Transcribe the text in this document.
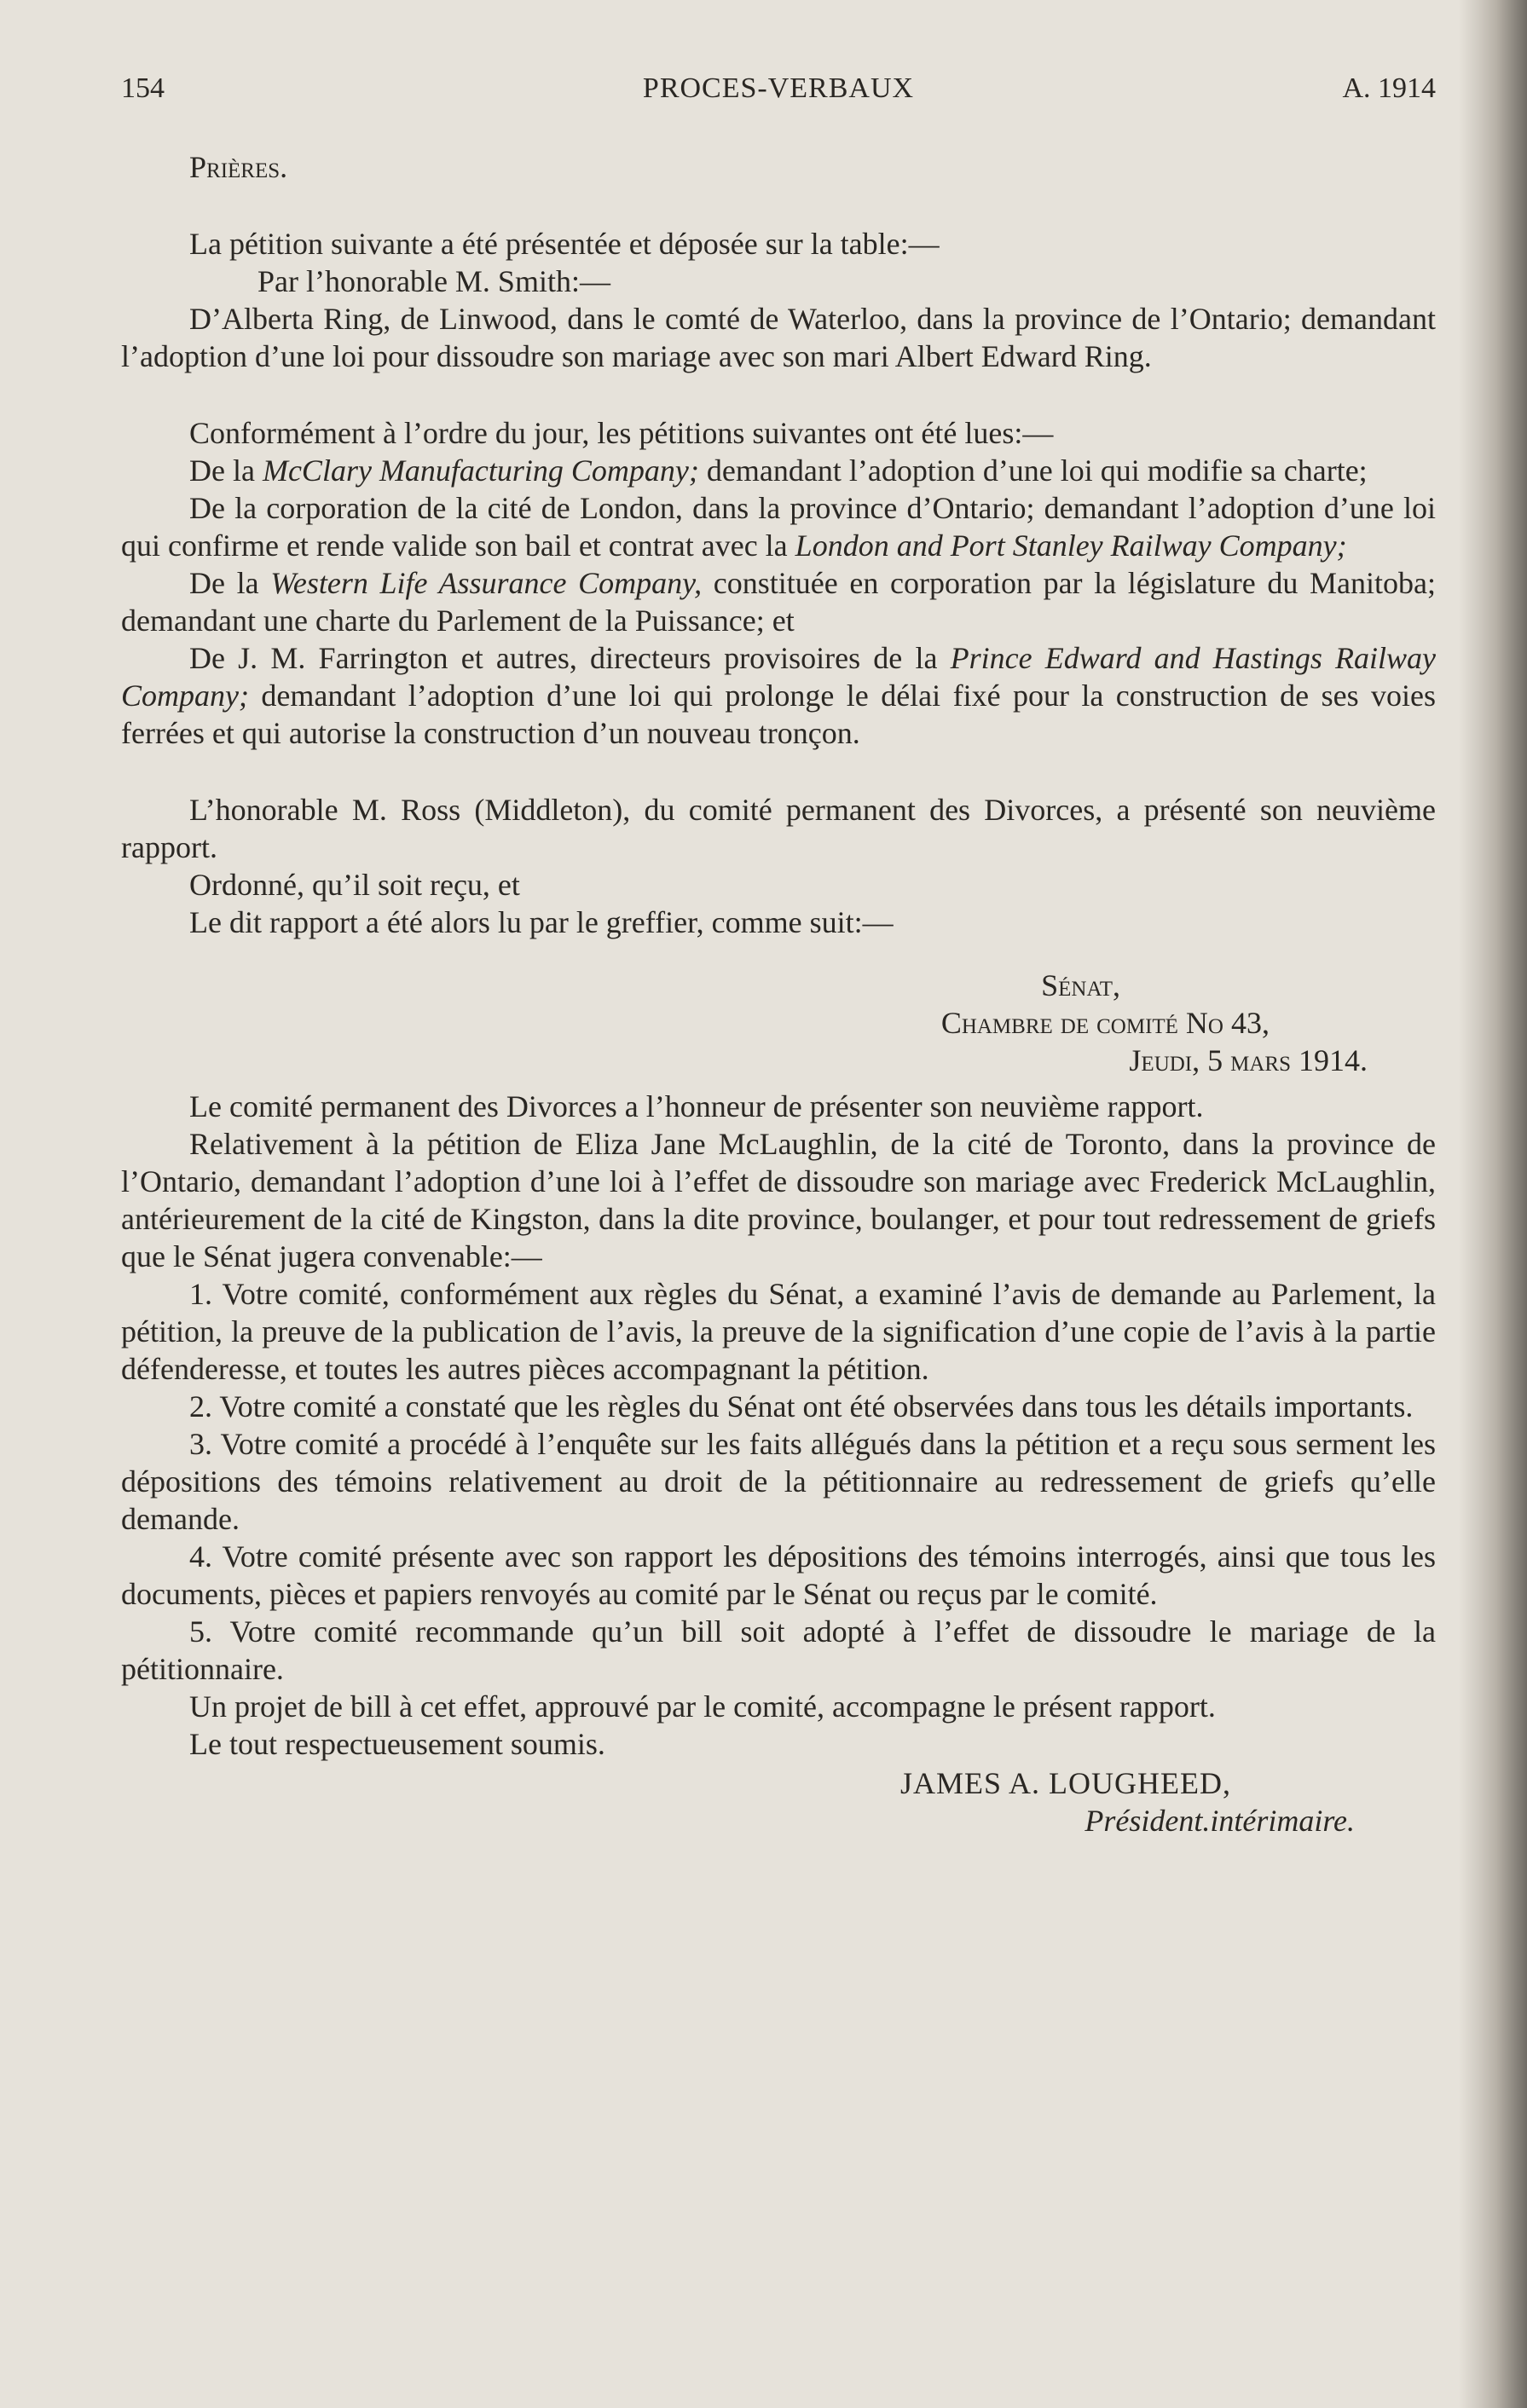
154	PROCES-VERBAUX	A. 1914
Prières.

La pétition suivante a été présentée et déposée sur la table:—

Par l’honorable M. Smith:—

D’Alberta Ring, de Linwood, dans le comté de Waterloo, dans la province de l’Ontario; demandant l’adoption d’une loi pour dissoudre son mariage avec son mari Albert Edward Ring.

Conformément à l’ordre du jour, les pétitions suivantes ont été lues:—

De la McClary Manufacturing Company; demandant l’adoption d’une loi qui modifie sa charte;

De la corporation de la cité de London, dans la province d’Ontario; demandant l’adoption d’une loi qui confirme et rende valide son bail et contrat avec la London and Port Stanley Railway Company;

De la Western Life Assurance Company, constituée en corporation par la législature du Manitoba; demandant une charte du Parlement de la Puissance; et

De J. M. Farrington et autres, directeurs provisoires de la Prince Edward and Hastings Railway Company; demandant l’adoption d’une loi qui prolonge le délai fixé pour la construction de ses voies ferrées et qui autorise la construction d’un nouveau tronçon.

L’honorable M. Ross (Middleton), du comité permanent des Divorces, a présenté son neuvième rapport.

Ordonné, qu’il soit reçu, et

Le dit rapport a été alors lu par le greffier, comme suit:—

Sénat,
Chambre de comité No 43,
Jeudi, 5 mars 1914.

Le comité permanent des Divorces a l’honneur de présenter son neuvième rapport.

Relativement à la pétition de Eliza Jane McLaughlin, de la cité de Toronto, dans la province de l’Ontario, demandant l’adoption d’une loi à l’effet de dissoudre son mariage avec Frederick McLaughlin, antérieurement de la cité de Kingston, dans la dite province, boulanger, et pour tout redressement de griefs que le Sénat jugera convenable:—

1. Votre comité, conformément aux règles du Sénat, a examiné l’avis de demande au Parlement, la pétition, la preuve de la publication de l’avis, la preuve de la signification d’une copie de l’avis à la partie défenderesse, et toutes les autres pièces accompagnant la pétition.

2. Votre comité a constaté que les règles du Sénat ont été observées dans tous les détails importants.

3. Votre comité a procédé à l’enquête sur les faits allégués dans la pétition et a reçu sous serment les dépositions des témoins relativement au droit de la pétitionnaire au redressement de griefs qu’elle demande.

4. Votre comité présente avec son rapport les dépositions des témoins interrogés, ainsi que tous les documents, pièces et papiers renvoyés au comité par le Sénat ou reçus par le comité.

5. Votre comité recommande qu’un bill soit adopté à l’effet de dissoudre le mariage de la pétitionnaire.

Un projet de bill à cet effet, approuvé par le comité, accompagne le présent rapport.

Le tout respectueusement soumis.

JAMES A. LOUGHEED,
Président.intérimaire.
